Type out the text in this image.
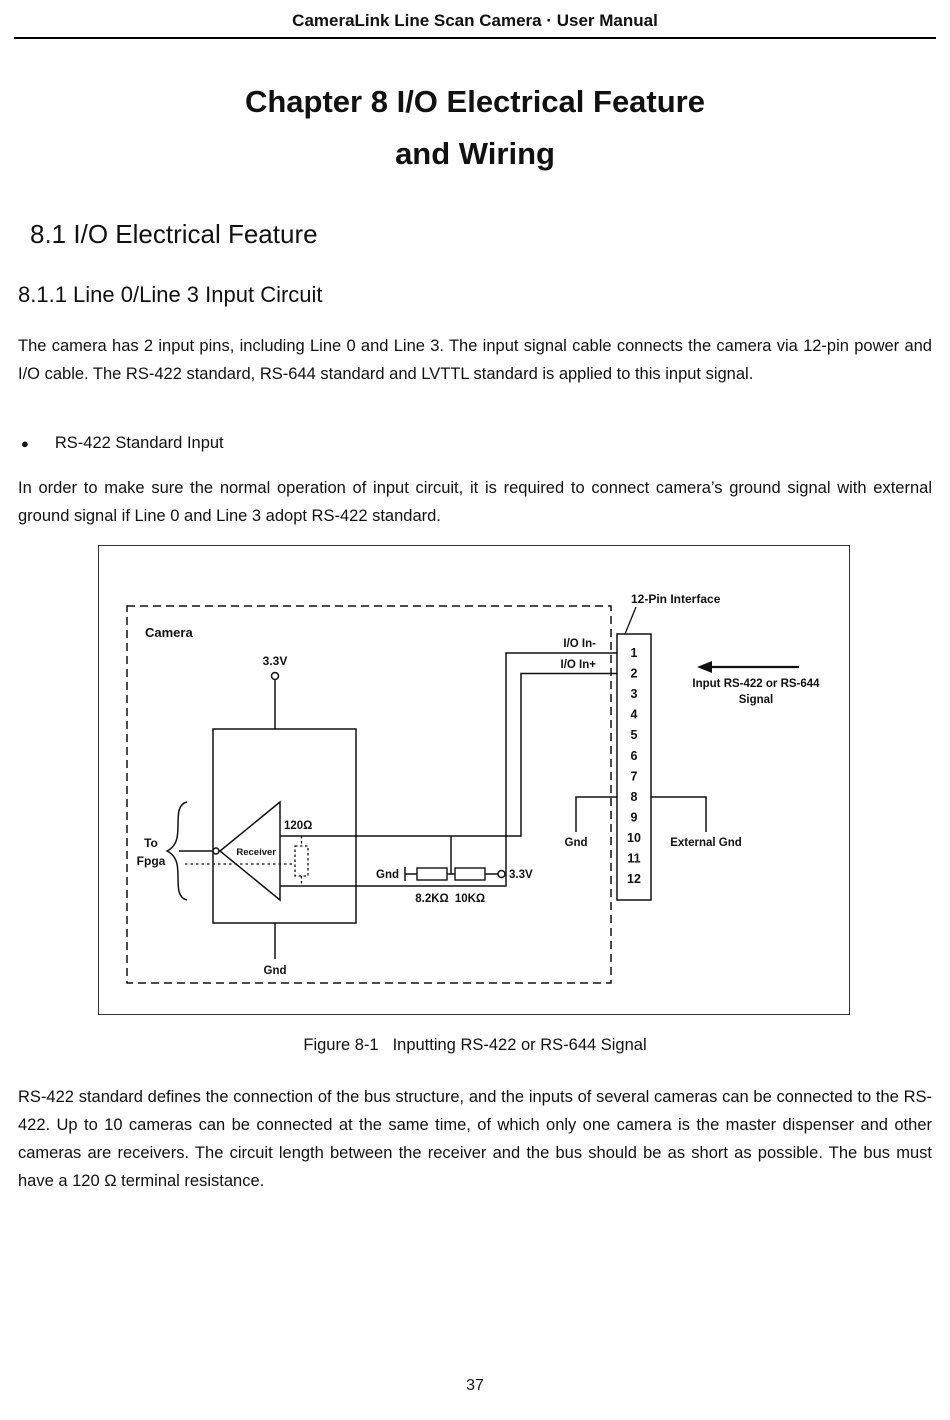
CameraLink Line Scan Camera · User Manual
Chapter 8 I/O Electrical Feature
and Wiring
8.1 I/O Electrical Feature
8.1.1 Line 0/Line 3 Input Circuit

The camera has 2 input pins, including Line 0 and Line 3. The input signal cable connects the camera via 12-pin power and I/O cable. The RS-422 standard, RS-644 standard and LVTTL standard is applied to this input signal.

● RS-422 Standard Input

In order to make sure the normal operation of input circuit, it is required to connect camera’s ground signal with external ground signal if Line 0 and Line 3 adopt RS-422 standard.

Camera
12-Pin Interface
1
2
3
4
5
6
7
8
9
10
11
12
I/O In-
I/O In+
3.3V
Receiver
120Ω
To
Fpga
Gnd	3.3V
8.2KΩ 10KΩ
Gnd
Gnd	External Gnd
Input RS-422 or RS-644
Signal
Figure 8-1 Inputting RS-422 or RS-644 Signal

RS-422 standard defines the connection of the bus structure, and the inputs of several cameras can be connected to the RS-422. Up to 10 cameras can be connected at the same time, of which only one camera is the master dispenser and other cameras are receivers. The circuit length between the receiver and the bus should be as short as possible. The bus must have a 120 Ω terminal resistance.

37
